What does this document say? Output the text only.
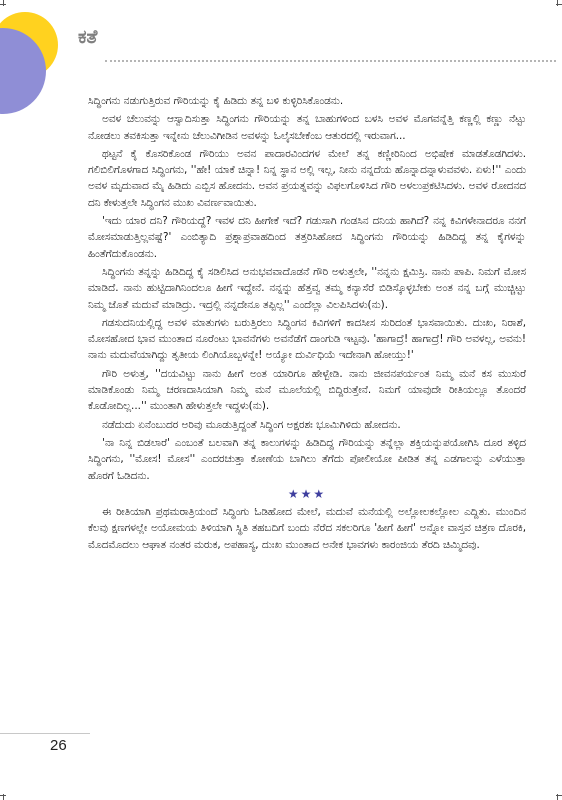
ಕತೆ

ಸಿದ್ಧಿಂಗನು ನಡುಗುತ್ತಿರುವ ಗೌರಿಯನ್ನು ಕೈ ಹಿಡಿದು ತನ್ನ ಬಳಿ ಕುಳ್ಳಿರಿಸಿಕೊಂಡನು.

ಅವಳ ಚೆಲುವನ್ನು ಆಸ್ವಾದಿಸುತ್ತಾ ಸಿದ್ಧಿಂಗನು ಗೌರಿಯನ್ನು ತನ್ನ ಬಾಹುಗಳಿಂದ ಬಳಸಿ ಅವಳ ಮೊಗವನ್ನೆತ್ತಿ ಕಣ್ಣಲ್ಲಿ ಕಣ್ಣು ನೆಟ್ಟು ನೋಡಲು ತವಕಿಸುತ್ತಾ ಇನ್ನೇನು ಚೆಲುವಿಗೀಡಿನ ಅವಳನ್ನು ಓಲೈಸಬೇಕೆಂಬ ಆತುರದಲ್ಲಿ ಇರುವಾಗ...

ಥಟ್ಟನೆ ಕೈ ಕೊಸರಿಕೊಂಡ ಗೌರಿಯು ಅವನ ಪಾದಾರವಿಂದಗಳ ಮೇಲೆ ತನ್ನ ಕಣ್ಣೀರಿನಿಂದ ಅಭಿಷೇಕ ಮಾಡತೊಡಗಿದಳು. ಗಲಿಬಿಲಿಗೊಳಗಾದ ಸಿದ್ಧಿಂಗನು, ''ಹೇ! ಯಾಕೆ ಚಿನ್ನಾ! ನಿನ್ನ ಸ್ಥಾನ ಅಲ್ಲಿ ಇಲ್ಲ, ನೀನು ನನ್ನದೆಯ ಹೊನ್ನಾದನ್ನಾಳುವವಳು. ಏಳು!'' ಎಂದು ಅವಳ ಮೃದುವಾದ ಮೈ ಹಿಡಿದು ಎಬ್ಬಿಸ ಹೋದನು. ಅವನ ಪ್ರಯತ್ನವನ್ನು ವಿಫಲಗೊಳಿಸಿದ ಗೌರಿ ಅಳಲುಪ್ರಕಟಿಸಿದಳು. ಅವಳ ರೋದನದ ದನಿ ಕೇಳುತ್ತಲೇ ಸಿದ್ಧಿಂಗನ ಮುಖ ವಿವರ್ಣವಾಯಿತು.

'ಇದು ಯಾರ ದನಿ? ಗೌರಿಯದ್ದೆ? ಇವಳ ದನಿ ಹೀಗೇಕೆ ಇದೆ? ಗಡುಸಾಗಿ ಗಂಡಸಿನ ದನಿಯ ಹಾಗಿದೆ? ನನ್ನ ಕಿವಿಗಳೇನಾದರೂ ನನಗೆ ಮೋಸಮಾಡುತ್ತಿಲ್ಲವಷ್ಟೆ?' ಎಂಬಿತ್ಯಾದಿ ಪ್ರಶ್ನಾಪ್ರವಾಹದಿಂದ ತತ್ತರಿಸಿಹೋದ ಸಿದ್ಧಿಂಗನು ಗೌರಿಯನ್ನು ಹಿಡಿದಿದ್ದ ತನ್ನ ಕೈಗಳನ್ನು ಹಿಂತೆಗೆದುಕೊಂಡನು.

ಸಿದ್ಧಿಂಗನು ತನ್ನನ್ನು ಹಿಡಿದಿದ್ದ ಕೈ ಸಡಿಲಿಸಿದ ಅನುಭವವಾದೊಡನೆ ಗೌರಿ ಅಳುತ್ತಲೇ, ''ನನ್ನನು ಕ್ಷಮಿಸ್ರಿ. ನಾನು ಪಾಪಿ. ನಿಮಗೆ ಮೋಸ ಮಾಡಿದೆ. ನಾನು ಹುಟ್ಟಿದಾಗಿನಿಂದಲೂ ಹೀಗೆ ಇದ್ದೇನೆ. ನನ್ನನ್ನು ಹೆತ್ತವ್ವ ತಮ್ಮ ಕನ್ಯಾಸೆರೆ ಬಿಡಿಸ್ಕೊಳ್ಳಬೇಕು ಅಂತ ನನ್ನ ಬಗ್ಗೆ ಮುಚ್ಚಿಟ್ಟು ನಿಮ್ಮ ಜೊತೆ ಮದುವೆ ಮಾಡಿದ್ರು. ಇದ್ರಲ್ಲಿ ನನ್ನದೇನೂ ತಪ್ಪಿಲ್ಲ'' ಎಂದೆಲ್ಲಾ ವಿಲಪಿಸಿದಳು(ನು).

ಗಡಸುದನಿಯಲ್ಲಿದ್ದ ಅವಳ ಮಾತುಗಳು ಬರುತ್ತಿರಲು ಸಿದ್ಧಿಂಗನ ಕಿವಿಗಳಿಗೆ ಕಾದಸೀಸ ಸುರಿದಂತೆ ಭಾಸವಾಯಿತು. ದುಃಖ, ನಿರಾಶೆ, ಮೋಸಹೋದ ಭಾವ ಮುಂತಾದ ನೂರೆಂಟು ಭಾವನೆಗಳು ಅವನೆಡೆಗೆ ದಾಂಗುಡಿ ಇಟ್ಟವು. 'ಹಾಗಾದ್ರೆ! ಹಾಗಾದ್ರೆ! ಗೌರಿ ಅವಳಲ್ಲ, ಅವನು! ನಾನು ಮದುವೆಯಾಗಿದ್ದು ತೃತೀಯ ಲಿಂಗಿಯೊಬ್ಬಳನ್ನೇ! ಅಯ್ಯೋ ದುರ್ವಿಧಿಯೆ ಇದೇನಾಗಿ ಹೋಯ್ತು!'

ಗೌರಿ ಅಳುತ್ತ, ''ದಯವಿಟ್ಟು ನಾನು ಹೀಗೆ ಅಂತ ಯಾರಿಗೂ ಹೇಳ್ಬೇಡಿ. ನಾನು ಜೀವನಪರ್ಯಂತ ನಿಮ್ಮ ಮನೆ ಕಸ ಮುಸುರೆ ಮಾಡಿಕೊಂಡು ನಿಮ್ಮ ಚರಣದಾಸಿಯಾಗಿ ನಿಮ್ಮ ಮನೆ ಮೂಲೆಯಲ್ಲಿ ಬಿದ್ದಿರುತ್ತೇನೆ. ನಿಮಗೆ ಯಾವುದೇ ರೀತಿಯಲ್ಲೂ ತೊಂದರೆ ಕೊಡೋದಿಲ್ಲ...'' ಮುಂತಾಗಿ ಹೇಳುತ್ತಲೇ ಇದ್ದಳು(ನು).

ನಡೆದುದು ಏನೆಂಬುದರ ಅರಿವು ಮೂಡುತ್ತಿದ್ದಂತೆ ಸಿದ್ಧಿಂಗ ಅಕ್ಷರಶಃ ಭೂಮಿಗಿಳಿದು ಹೋದನು.

'ನಾ ನಿನ್ನ ಬಿಡಲಾರೆ' ಎಂಬಂತೆ ಬಲವಾಗಿ ತನ್ನ ಕಾಲುಗಳನ್ನು ಹಿಡಿದಿದ್ದ ಗೌರಿಯನ್ನು ತನ್ನೆಲ್ಲಾ ಶಕ್ತಿಯನ್ನುಪಯೋಗಿಸಿ ದೂರ ತಳ್ಳಿದ ಸಿದ್ಧಿಂಗನು, ''ಮೋಸ! ಮೋಸ'' ಎಂದರಚುತ್ತಾ ಕೋಣೆಯ ಬಾಗಿಲು ತೆಗೆದು ಪೋಲೀಯೋ ಪೀಡಿತ ತನ್ನ ಎಡಗಾಲನ್ನು ಎಳೆಯುತ್ತಾ ಹೊರಗೆ ಓಡಿದನು.

★★★

ಈ ರೀತಿಯಾಗಿ ಪ್ರಥಮರಾತ್ರಿಯಂದೆ ಸಿದ್ಧಿಂಗು ಓಡಿಹೋದ ಮೇಲೆ, ಮದುವೆ ಮನೆಯಲ್ಲಿ ಅಲ್ಲೋಲಕಲ್ಲೋಲ ಎದ್ದಿತು. ಮುಂದಿನ ಕೆಲವು ಕ್ಷಣಗಳಲ್ಲೇ ಅಯೋಮಯ ತಿಳಿಯಾಗಿ ಸ್ಥಿತಿ ತಹಬದಿಗೆ ಬಂದು ನೆರೆದ ಸಕಲರಿಗೂ 'ಹೀಗೆ ಹೀಗೆ' ಅನ್ನೋ ವಾಸ್ತವ ಚಿತ್ರಣ ದೊರಕಿ, ಮೊದಮೊದಲು ಆಘಾತ ನಂತರ ಮರುಕ, ಅಪಹಾಸ್ಯ, ದುಃಖ ಮುಂತಾದ ಅನೇಕ ಭಾವಗಳು ಕಾರಂಜಿಯ ತೆರದಿ ಚಿಮ್ಮಿದವು.

26
